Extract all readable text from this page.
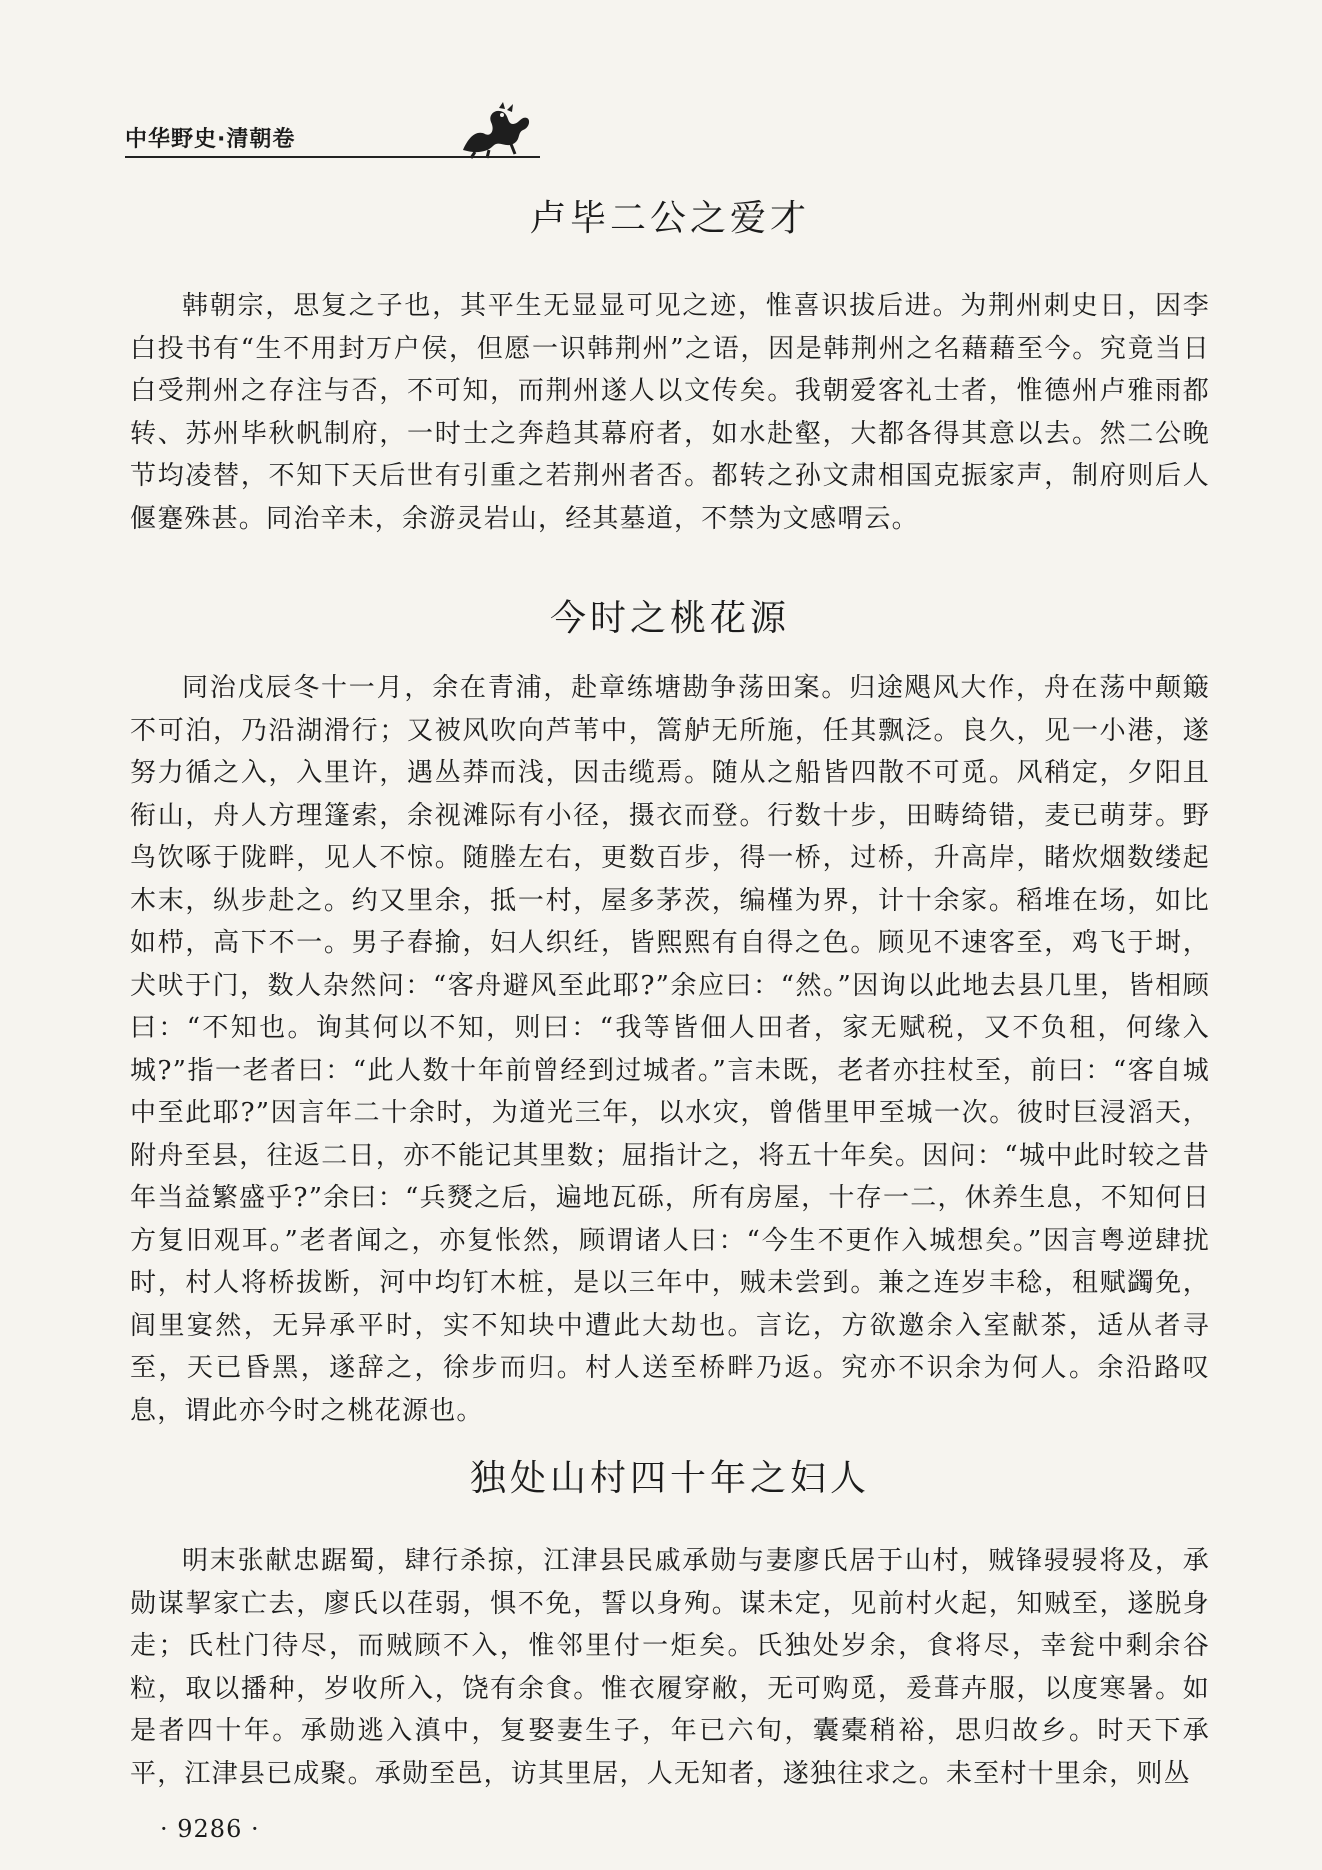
中华野史·清朝卷
卢毕二公之爱才

韩朝宗，思复之子也，其平生无显显可见之迹，惟喜识拔后进。为荆州刺史日，因李白投书有“生不用封万户侯，但愿一识韩荆州”之语，因是韩荆州之名藉藉至今。究竟当日白受荆州之存注与否，不可知，而荆州遂人以文传矣。我朝爱客礼士者，惟德州卢雅雨都转、苏州毕秋帆制府，一时士之奔趋其幕府者，如水赴壑，大都各得其意以去。然二公晚节均凌替，不知下天后世有引重之若荆州者否。都转之孙文肃相国克振家声，制府则后人偃蹇殊甚。同治辛未，余游灵岩山，经其墓道，不禁为文感喟云。

今时之桃花源

同治戊辰冬十一月，余在青浦，赴章练塘勘争荡田案。归途飓风大作，舟在荡中颠簸不可泊，乃沿湖滑行；又被风吹向芦苇中，篙舻无所施，任其飘泛。良久，见一小港，遂努力循之入，入里许，遇丛莽而浅，因击缆焉。随从之船皆四散不可觅。风稍定，夕阳且衔山，舟人方理篷索，余视滩际有小径，摄衣而登。行数十步，田畴绮错，麦已萌芽。野鸟饮啄于陇畔，见人不惊。随塍左右，更数百步，得一桥，过桥，升高岸，睹炊烟数缕起木末，纵步赴之。约又里余，抵一村，屋多茅茨，编槿为界，计十余家。稻堆在场，如比如栉，高下不一。男子舂揄，妇人织纴，皆熙熙有自得之色。顾见不速客至，鸡飞于埘，犬吠于门，数人杂然问：“客舟避风至此耶?”余应曰：“然。”因询以此地去县几里，皆相顾曰：“不知也。询其何以不知，则曰：“我等皆佃人田者，家无赋税，又不负租，何缘入城?”指一老者曰：“此人数十年前曾经到过城者。”言未既，老者亦拄杖至，前曰：“客自城中至此耶?”因言年二十余时，为道光三年，以水灾，曾偕里甲至城一次。彼时巨浸滔天，附舟至县，往返二日，亦不能记其里数；屈指计之，将五十年矣。因问：“城中此时较之昔年当益繁盛乎?”余曰：“兵燹之后，遍地瓦砾，所有房屋，十存一二，休养生息，不知何日方复旧观耳。”老者闻之，亦复怅然，顾谓诸人曰：“今生不更作入城想矣。”因言粤逆肆扰时，村人将桥拔断，河中均钉木桩，是以三年中，贼未尝到。兼之连岁丰稔，租赋蠲免，闾里宴然，无异承平时，实不知块中遭此大劫也。言讫，方欲邀余入室献茶，适从者寻至，天已昏黑，遂辞之，徐步而归。村人送至桥畔乃返。究亦不识余为何人。余沿路叹息，谓此亦今时之桃花源也。

独处山村四十年之妇人

明末张献忠踞蜀，肆行杀掠，江津县民戚承勋与妻廖氏居于山村，贼锋骎骎将及，承勋谋挈家亡去，廖氏以荏弱，惧不免，誓以身殉。谋未定，见前村火起，知贼至，遂脱身走；氏杜门待尽，而贼顾不入，惟邻里付一炬矣。氏独处岁余，食将尽，幸瓮中剩余谷粒，取以播种，岁收所入，饶有余食。惟衣履穿敝，无可购觅，爰葺卉服，以度寒暑。如是者四十年。承勋逃入滇中，复娶妻生子，年已六旬，囊橐稍裕，思归故乡。时天下承平，江津县已成聚。承勋至邑，访其里居，人无知者，遂独往求之。未至村十里余，则丛

· 9286 ·
